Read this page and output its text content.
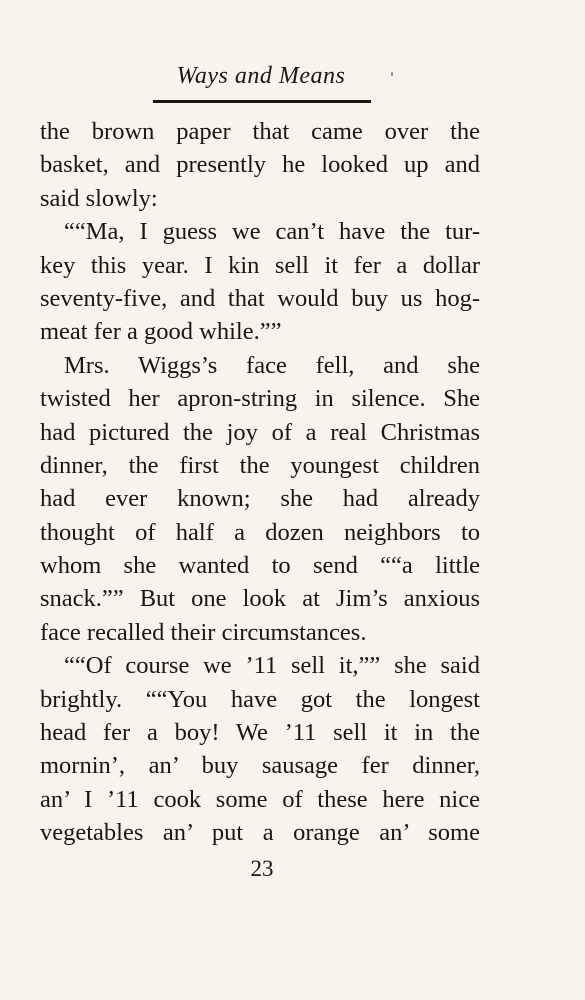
Ways and Means
the brown paper that came over the
basket, and presently he looked up and
said slowly:
““Ma, I guess we can’t have the tur-
key this year. I kin sell it fer a dollar
seventy-five, and that would buy us hog-
meat fer a good while.””
Mrs. Wiggs’s face fell, and she
twisted her apron-string in silence. She
had pictured the joy of a real Christmas
dinner, the first the youngest children
had ever known; she had already
thought of half a dozen neighbors to
whom she wanted to send ““a little
snack.”” But one look at Jim’s anxious
face recalled their circumstances.
““Of course we ’11 sell it,”” she said
brightly. ““You have got the longest
head fer a boy! We ’11 sell it in the
mornin’, an’ buy sausage fer dinner,
an’ I ’11 cook some of these here nice
vegetables an’ put a orange an’ some
23
